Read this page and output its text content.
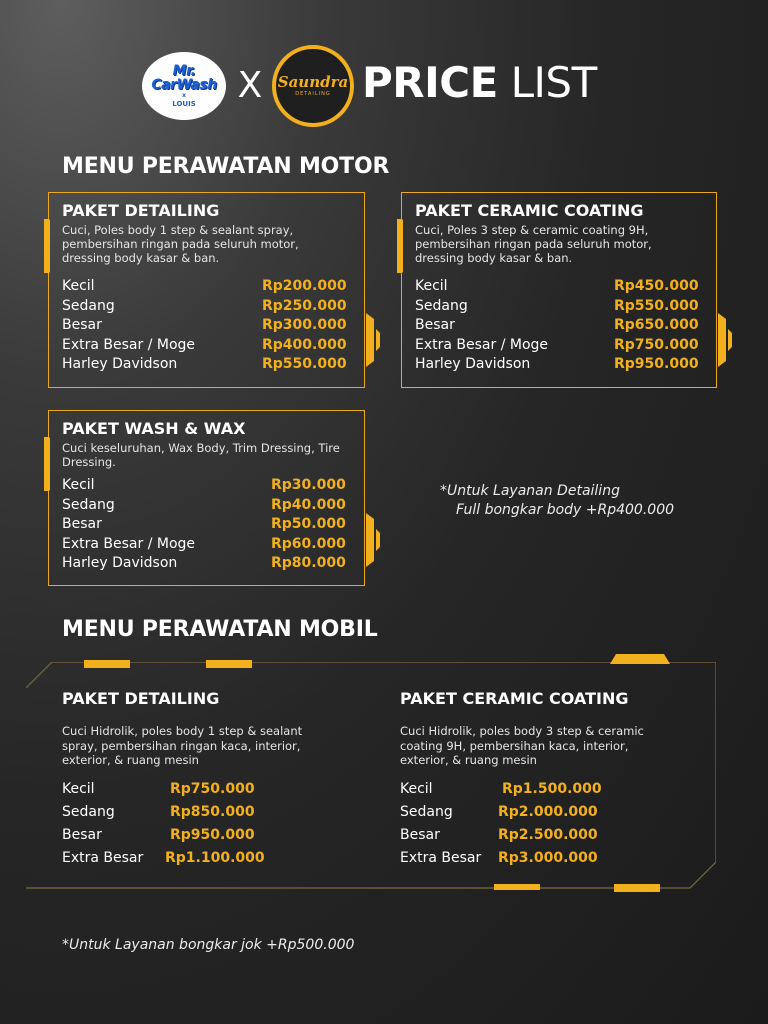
Mr.
CarWash
x
LOUIS X Saundra
DETAILING PRICE LIST
MENU PERAWATAN MOTOR
PAKET DETAILING
Cuci, Poles body 1 step & sealant spray, pembersihan ringan pada seluruh motor, dressing body kasar & ban.
Kecil	Rp200.000
Sedang	Rp250.000
Besar	Rp300.000
Extra Besar / Moge	Rp400.000
Harley Davidson	Rp550.000
PAKET CERAMIC COATING
Cuci, Poles 3 step & ceramic coating 9H, pembersihan ringan pada seluruh motor, dressing body kasar & ban.
Kecil	Rp450.000
Sedang	Rp550.000
Besar	Rp650.000
Extra Besar / Moge	Rp750.000
Harley Davidson	Rp950.000
PAKET WASH & WAX
Cuci keseluruhan, Wax Body, Trim Dressing, Tire Dressing.
Kecil	Rp30.000
Sedang	Rp40.000
Besar	Rp50.000
Extra Besar / Moge	Rp60.000
Harley Davidson	Rp80.000
*Untuk Layanan Detailing
Full bongkar body +Rp400.000
MENU PERAWATAN MOBIL
PAKET DETAILING
Cuci Hidrolik, poles body 1 step & sealant spray, pembersihan ringan kaca, interior, exterior, & ruang mesin
Kecil	Rp750.000
Sedang	Rp850.000
Besar	Rp950.000
Extra Besar Rp1.100.000
PAKET CERAMIC COATING
Cuci Hidrolik, poles body 3 step & ceramic coating 9H, pembersihan kaca, interior, exterior, & ruang mesin
Kecil	Rp1.500.000
Sedang	Rp2.000.000
Besar	Rp2.500.000
Extra Besar Rp3.000.000
*Untuk Layanan bongkar jok +Rp500.000
